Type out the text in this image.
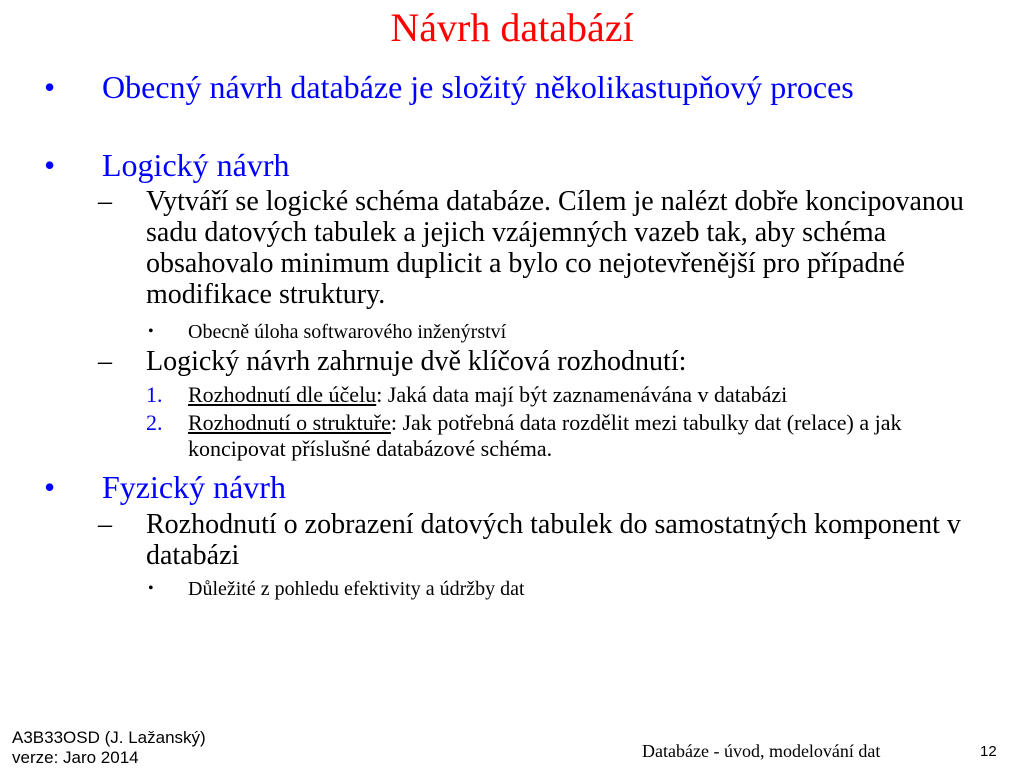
Návrh databází
• Obecný návrh databáze je složitý několikastupňový proces
• Logický návrh
– Vytváří se logické schéma databáze. Cílem je nalézt dobře koncipovanou sadu datových tabulek a jejich vzájemných vazeb tak, aby schéma obsahovalo minimum duplicit a bylo co nejotevřenější pro případné modifikace struktury.
• Obecně úloha softwarového inženýrství
– Logický návrh zahrnuje dvě klíčová rozhodnutí:
1. Rozhodnutí dle účelu: Jaká data mají být zaznamenávána v databázi
2. Rozhodnutí o struktuře: Jak potřebná data rozdělit mezi tabulky dat (relace) a jak koncipovat příslušné databázové schéma.
• Fyzický návrh
– Rozhodnutí o zobrazení datových tabulek do samostatných komponent v databázi
• Důležité z pohledu efektivity a údržby dat
A3B33OSD (J. Lažanský)
verze: Jaro 2014	Databáze - úvod, modelování dat	12
